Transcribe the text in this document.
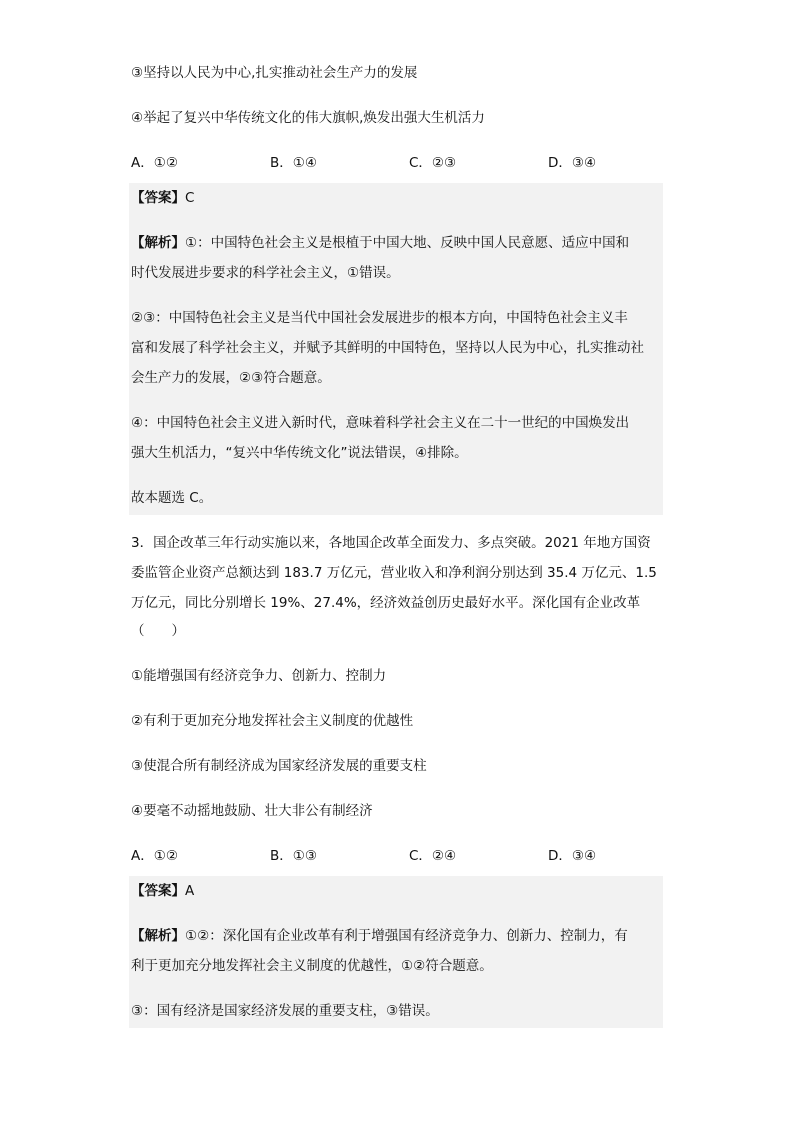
③坚持以人民为中心,扎实推动社会生产力的发展
④举起了复兴中华传统文化的伟大旗帜,焕发出强大生机活力
A．①②	B．①④	C．②③	D．③④
【答案】C
【解析】①：中国特色社会主义是根植于中国大地、反映中国人民意愿、适应中国和
时代发展进步要求的科学社会主义，①错误。
②③：中国特色社会主义是当代中国社会发展进步的根本方向，中国特色社会主义丰
富和发展了科学社会主义，并赋予其鲜明的中国特色，坚持以人民为中心，扎实推动社
会生产力的发展，②③符合题意。
④：中国特色社会主义进入新时代，意味着科学社会主义在二十一世纪的中国焕发出
强大生机活力，“复兴中华传统文化”说法错误，④排除。
故本题选 C。
3．国企改革三年行动实施以来，各地国企改革全面发力、多点突破。2021 年地方国资
委监管企业资产总额达到 183.7 万亿元，营业收入和净利润分别达到 35.4 万亿元、1.5
万亿元，同比分别增长 19%、27.4%，经济效益创历史最好水平。深化国有企业改革
（　　）
①能增强国有经济竞争力、创新力、控制力
②有利于更加充分地发挥社会主义制度的优越性
③使混合所有制经济成为国家经济发展的重要支柱
④要毫不动摇地鼓励、壮大非公有制经济
A．①②	B．①③	C．②④	D．③④
【答案】A
【解析】①②：深化国有企业改革有利于增强国有经济竞争力、创新力、控制力，有
利于更加充分地发挥社会主义制度的优越性，①②符合题意。
③：国有经济是国家经济发展的重要支柱，③错误。
